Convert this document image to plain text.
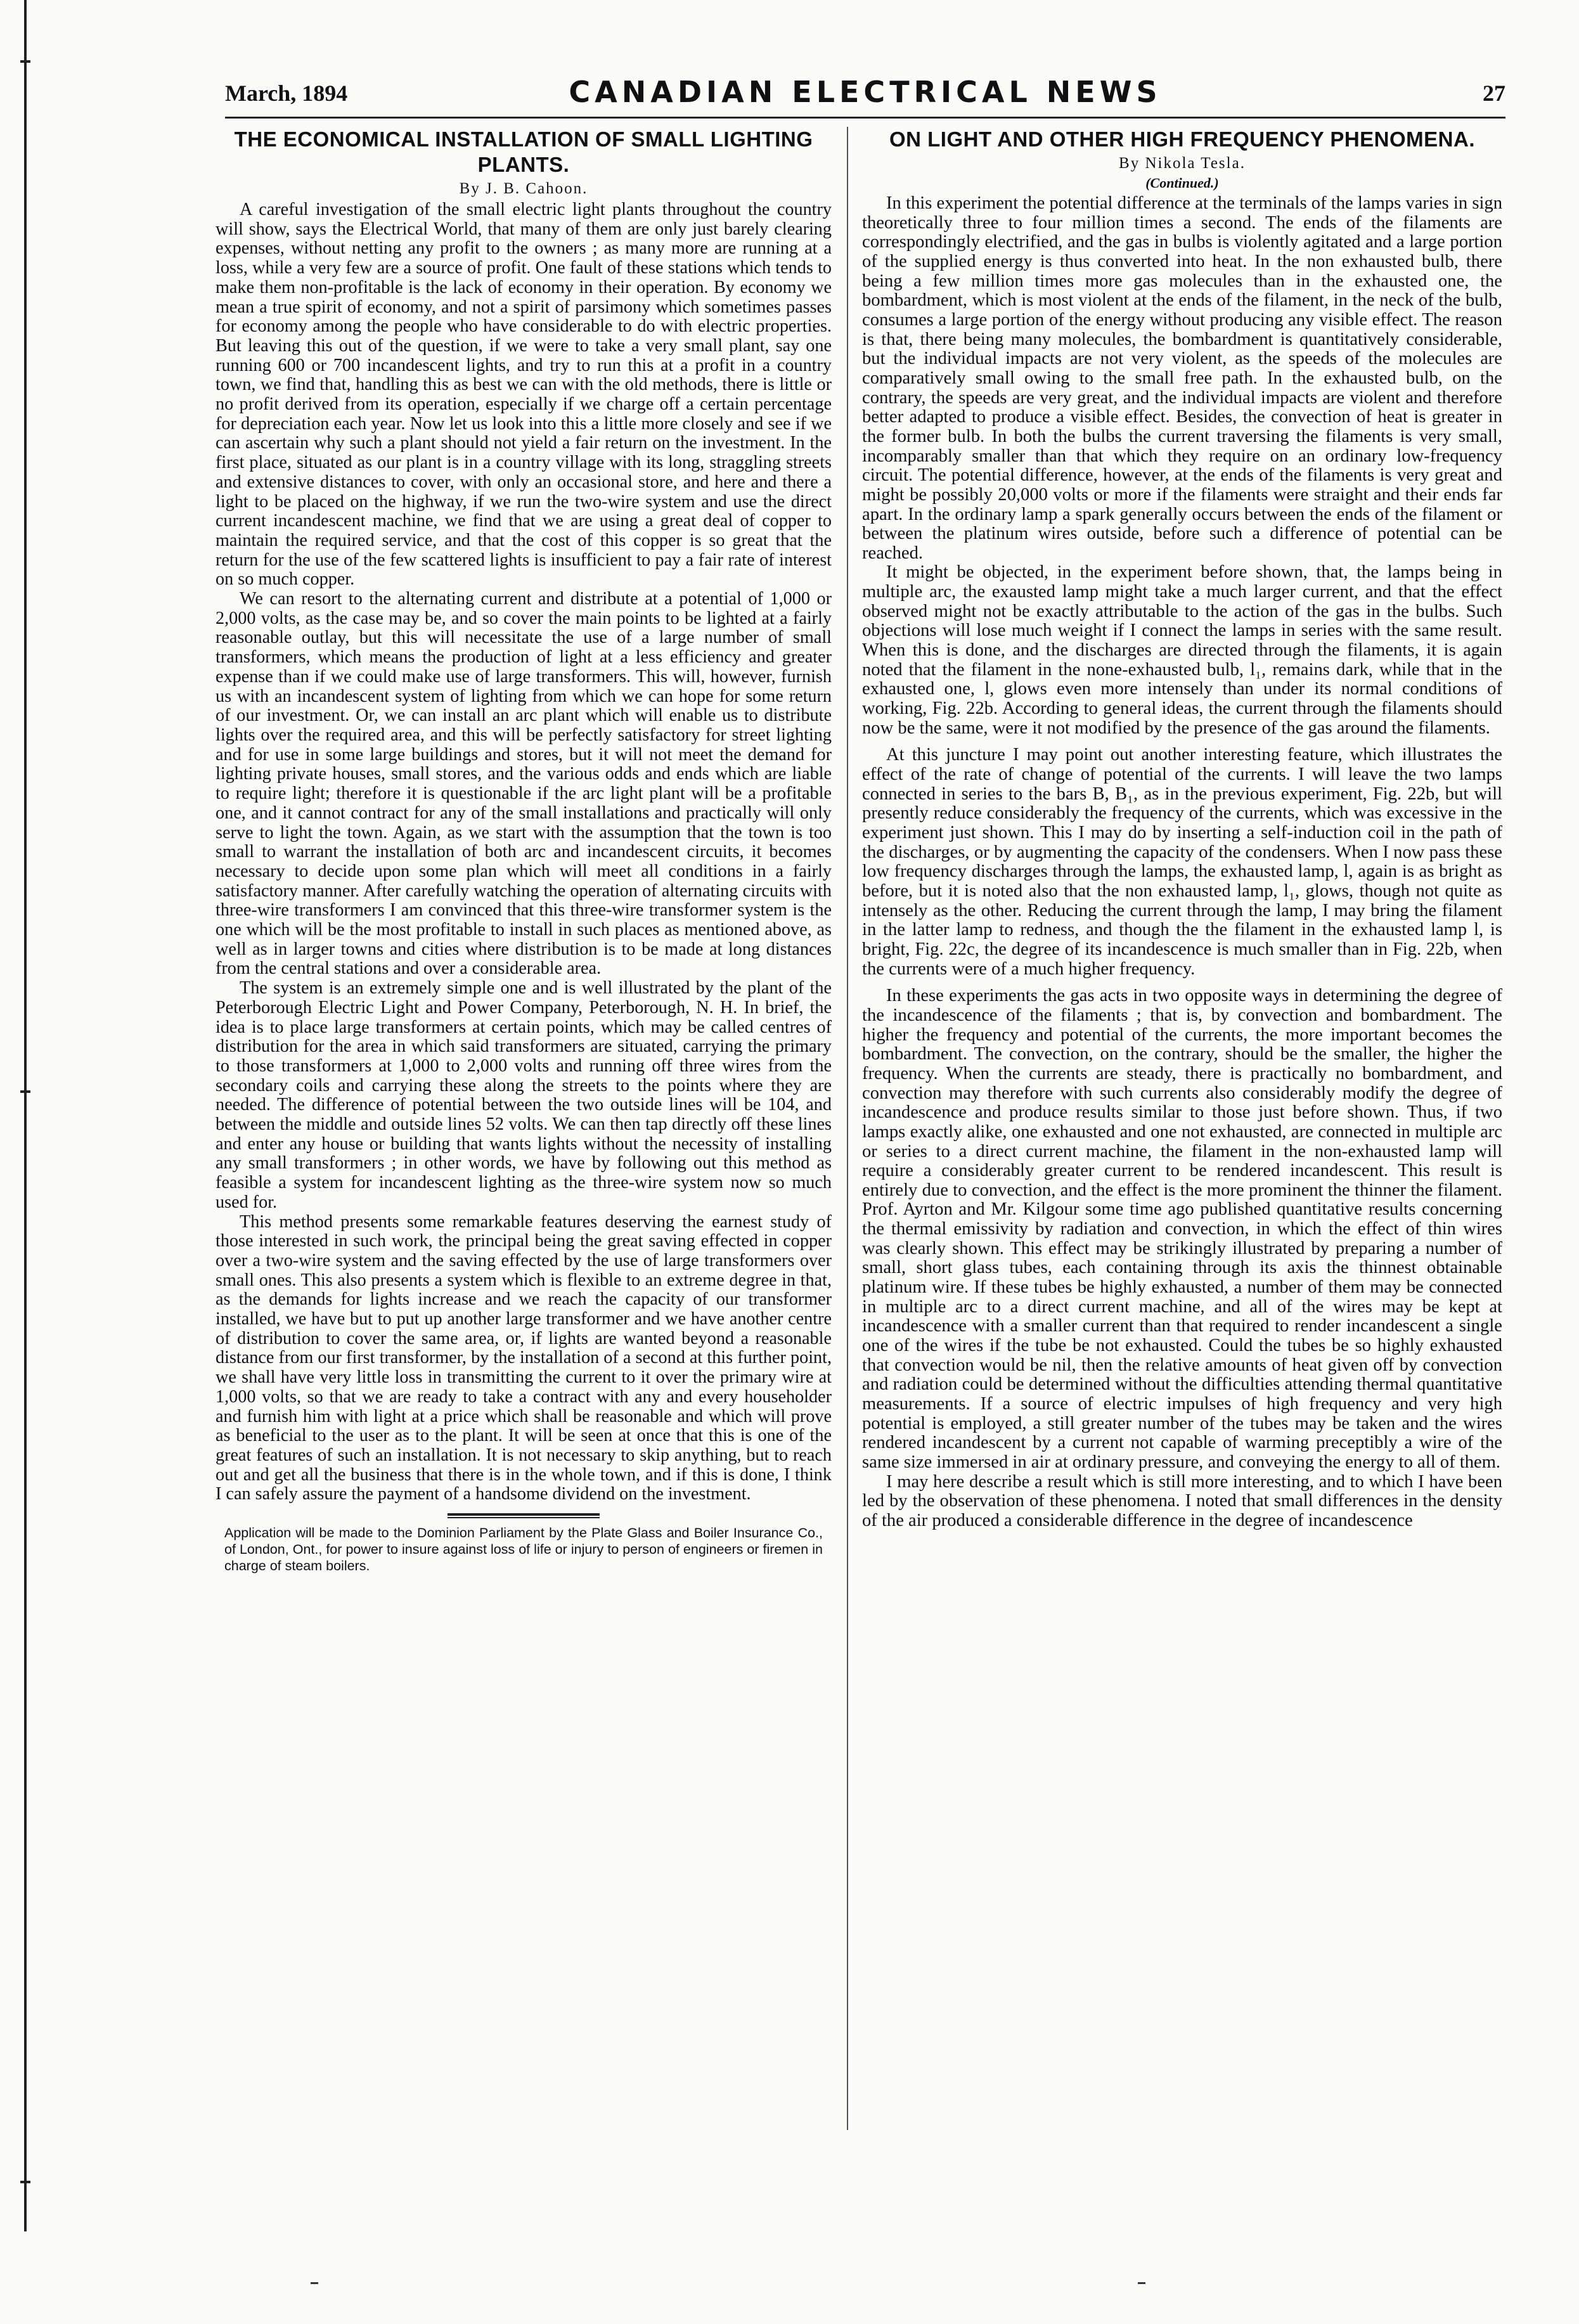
March, 1894	CANADIAN ELECTRICAL NEWS	27
THE ECONOMICAL INSTALLATION OF SMALL LIGHTING PLANTS.
By J. B. Cahoon.

A careful investigation of the small electric light plants throughout the country will show, says the Electrical World, that many of them are only just barely clearing expenses, without netting any profit to the owners ; as many more are running at a loss, while a very few are a source of profit. One fault of these stations which tends to make them non-profitable is the lack of economy in their operation. By economy we mean a true spirit of economy, and not a spirit of parsimony which sometimes passes for economy among the people who have considerable to do with electric properties. But leaving this out of the question, if we were to take a very small plant, say one running 600 or 700 incandescent lights, and try to run this at a profit in a country town, we find that, handling this as best we can with the old methods, there is little or no profit derived from its operation, especially if we charge off a certain percentage for depreciation each year. Now let us look into this a little more closely and see if we can ascertain why such a plant should not yield a fair return on the investment. In the first place, situated as our plant is in a country village with its long, straggling streets and extensive distances to cover, with only an occasional store, and here and there a light to be placed on the highway, if we run the two-wire system and use the direct current incandescent machine, we find that we are using a great deal of copper to maintain the required service, and that the cost of this copper is so great that the return for the use of the few scattered lights is insufficient to pay a fair rate of interest on so much copper.

We can resort to the alternating current and distribute at a potential of 1,000 or 2,000 volts, as the case may be, and so cover the main points to be lighted at a fairly reasonable outlay, but this will necessitate the use of a large number of small transformers, which means the production of light at a less efficiency and greater expense than if we could make use of large transformers. This will, however, furnish us with an incandescent system of lighting from which we can hope for some return of our investment. Or, we can install an arc plant which will enable us to distribute lights over the required area, and this will be perfectly satisfactory for street lighting and for use in some large buildings and stores, but it will not meet the demand for lighting private houses, small stores, and the various odds and ends which are liable to require light; therefore it is questionable if the arc light plant will be a profitable one, and it cannot contract for any of the small installations and practically will only serve to light the town. Again, as we start with the assumption that the town is too small to warrant the installation of both arc and incandescent circuits, it becomes necessary to decide upon some plan which will meet all conditions in a fairly satisfactory manner. After carefully watching the operation of alternating circuits with three-wire transformers I am convinced that this three-wire transformer system is the one which will be the most profitable to install in such places as mentioned above, as well as in larger towns and cities where distribution is to be made at long distances from the central stations and over a considerable area.

The system is an extremely simple one and is well illustrated by the plant of the Peterborough Electric Light and Power Company, Peterborough, N. H. In brief, the idea is to place large transformers at certain points, which may be called centres of distribution for the area in which said transformers are situated, carrying the primary to those transformers at 1,000 to 2,000 volts and running off three wires from the secondary coils and carrying these along the streets to the points where they are needed. The difference of potential between the two outside lines will be 104, and between the middle and outside lines 52 volts. We can then tap directly off these lines and enter any house or building that wants lights without the necessity of installing any small transformers ; in other words, we have by following out this method as feasible a system for incandescent lighting as the three-wire system now so much used for.

This method presents some remarkable features deserving the earnest study of those interested in such work, the principal being the great saving effected in copper over a two-wire system and the saving effected by the use of large transformers over small ones. This also presents a system which is flexible to an extreme degree in that, as the demands for lights increase and we reach the capacity of our transformer installed, we have but to put up another large transformer and we have another centre of distribution to cover the same area, or, if lights are wanted beyond a reasonable distance from our first transformer, by the installation of a second at this further point, we shall have very little loss in transmitting the current to it over the primary wire at 1,000 volts, so that we are ready to take a contract with any and every householder and furnish him with light at a price which shall be reasonable and which will prove as beneficial to the user as to the plant. It will be seen at once that this is one of the great features of such an installation. It is not necessary to skip anything, but to reach out and get all the business that there is in the whole town, and if this is done, I think I can safely assure the payment of a handsome dividend on the investment.

Application will be made to the Dominion Parliament by the Plate Glass and Boiler Insurance Co., of London, Ont., for power to insure against loss of life or injury to person of engineers or firemen in charge of steam boilers.
ON LIGHT AND OTHER HIGH FREQUENCY PHENOMENA.
By Nikola Tesla.
(Continued.)

In this experiment the potential difference at the terminals of the lamps varies in sign theoretically three to four million times a second. The ends of the filaments are correspondingly electrified, and the gas in bulbs is violently agitated and a large portion of the supplied energy is thus converted into heat. In the non exhausted bulb, there being a few million times more gas molecules than in the exhausted one, the bombardment, which is most violent at the ends of the filament, in the neck of the bulb, consumes a large portion of the energy without producing any visible effect. The reason is that, there being many molecules, the bombardment is quantitatively considerable, but the individual impacts are not very violent, as the speeds of the molecules are comparatively small owing to the small free path. In the exhausted bulb, on the contrary, the speeds are very great, and the individual impacts are violent and therefore better adapted to produce a visible effect. Besides, the convection of heat is greater in the former bulb. In both the bulbs the current traversing the filaments is very small, incomparably smaller than that which they require on an ordinary low-frequency circuit. The potential difference, however, at the ends of the filaments is very great and might be possibly 20,000 volts or more if the filaments were straight and their ends far apart. In the ordinary lamp a spark generally occurs between the ends of the filament or between the platinum wires outside, before such a difference of potential can be reached.

It might be objected, in the experiment before shown, that, the lamps being in multiple arc, the exausted lamp might take a much larger current, and that the effect observed might not be exactly attributable to the action of the gas in the bulbs. Such objections will lose much weight if I connect the lamps in series with the same result. When this is done, and the discharges are directed through the filaments, it is again noted that the filament in the none-exhausted bulb, l₁, remains dark, while that in the exhausted one, l, glows even more intensely than under its normal conditions of working, Fig. 22b. According to general ideas, the current through the filaments should now be the same, were it not modified by the presence of the gas around the filaments.

At this juncture I may point out another interesting feature, which illustrates the effect of the rate of change of potential of the currents. I will leave the two lamps connected in series to the bars B, B₁, as in the previous experiment, Fig. 22b, but will presently reduce considerably the frequency of the currents, which was excessive in the experiment just shown. This I may do by inserting a self-induction coil in the path of the discharges, or by augmenting the capacity of the condensers. When I now pass these low frequency discharges through the lamps, the exhausted lamp, l, again is as bright as before, but it is noted also that the non exhausted lamp, l₁, glows, though not quite as intensely as the other. Reducing the current through the lamp, I may bring the filament in the latter lamp to redness, and though the the filament in the exhausted lamp l, is bright, Fig. 22c, the degree of its incandescence is much smaller than in Fig. 22b, when the currents were of a much higher frequency.

In these experiments the gas acts in two opposite ways in determining the degree of the incandescence of the filaments ; that is, by convection and bombardment. The higher the frequency and potential of the currents, the more important becomes the bombardment. The convection, on the contrary, should be the smaller, the higher the frequency. When the currents are steady, there is practically no bombardment, and convection may therefore with such currents also considerably modify the degree of incandescence and produce results similar to those just before shown. Thus, if two lamps exactly alike, one exhausted and one not exhausted, are connected in multiple arc or series to a direct current machine, the filament in the non-exhausted lamp will require a considerably greater current to be rendered incandescent. This result is entirely due to convection, and the effect is the more prominent the thinner the filament. Prof. Ayrton and Mr. Kilgour some time ago published quantitative results concerning the thermal emissivity by radiation and convection, in which the effect of thin wires was clearly shown. This effect may be strikingly illustrated by preparing a number of small, short glass tubes, each containing through its axis the thinnest obtainable platinum wire. If these tubes be highly exhausted, a number of them may be connected in multiple arc to a direct current machine, and all of the wires may be kept at incandescence with a smaller current than that required to render incandescent a single one of the wires if the tube be not exhausted. Could the tubes be so highly exhausted that convection would be nil, then the relative amounts of heat given off by convection and radiation could be determined without the difficulties attending thermal quantitative measurements. If a source of electric impulses of high frequency and very high potential is employed, a still greater number of the tubes may be taken and the wires rendered incandescent by a current not capable of warming preceptibly a wire of the same size immersed in air at ordinary pressure, and conveying the energy to all of them.

I may here describe a result which is still more interesting, and to which I have been led by the observation of these phenomena. I noted that small differences in the density of the air produced a considerable difference in the degree of incandescence
